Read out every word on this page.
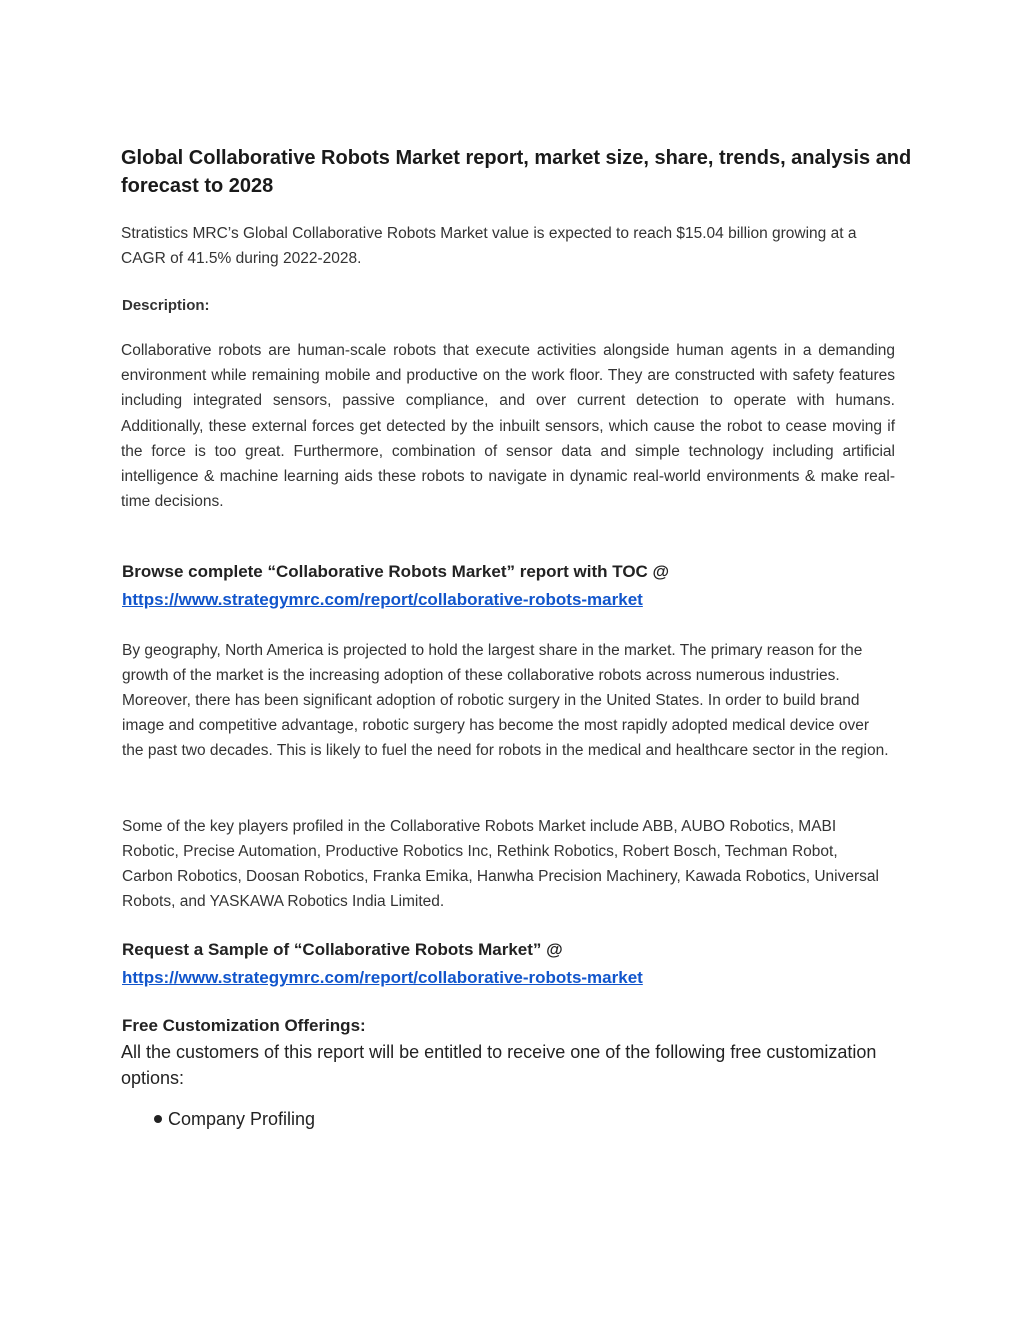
Global Collaborative Robots Market report, market size, share, trends, analysis and forecast to 2028

Stratistics MRC’s Global Collaborative Robots Market value is expected to reach $15.04 billion growing at a CAGR of 41.5% during 2022-2028.

Description:

Collaborative robots are human-scale robots that execute activities alongside human agents in a demanding environment while remaining mobile and productive on the work floor. They are constructed with safety features including integrated sensors, passive compliance, and over current detection to operate with humans. Additionally, these external forces get detected by the inbuilt sensors, which cause the robot to cease moving if the force is too great. Furthermore, combination of sensor data and simple technology including artificial intelligence & machine learning aids these robots to navigate in dynamic real-world environments & make real-time decisions.

Browse complete “Collaborative Robots Market” report with TOC @
https://www.strategymrc.com/report/collaborative-robots-market

By geography, North America is projected to hold the largest share in the market. The primary reason for the growth of the market is the increasing adoption of these collaborative robots across numerous industries. Moreover, there has been significant adoption of robotic surgery in the United States. In order to build brand image and competitive advantage, robotic surgery has become the most rapidly adopted medical device over the past two decades. This is likely to fuel the need for robots in the medical and healthcare sector in the region.

Some of the key players profiled in the Collaborative Robots Market include ABB, AUBO Robotics, MABI Robotic, Precise Automation, Productive Robotics Inc, Rethink Robotics, Robert Bosch, Techman Robot, Carbon Robotics, Doosan Robotics, Franka Emika, Hanwha Precision Machinery, Kawada Robotics, Universal Robots, and YASKAWA Robotics India Limited.

Request a Sample of “Collaborative Robots Market” @
https://www.strategymrc.com/report/collaborative-robots-market
Free Customization Offerings:

All the customers of this report will be entitled to receive one of the following free customization options:

Company Profiling
